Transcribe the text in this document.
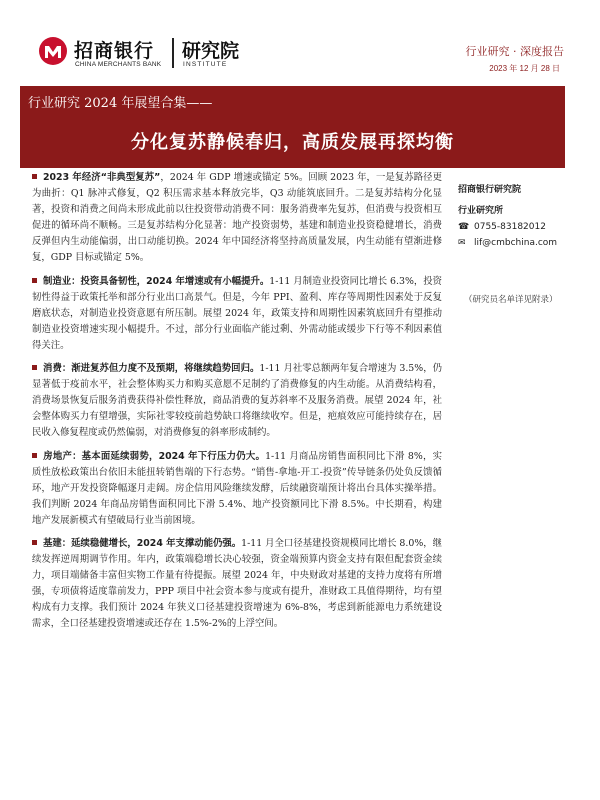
招商银行
CHINA MERCHANTS BANK
研究院
INSTITUTE
行业研究 · 深度报告
2023 年 12 月 28 日
行业研究 2024 年展望合集——
分化复苏静候春归，高质发展再探均衡

2023 年经济“非典型复苏”，2024 年 GDP 增速或锚定 5%。回顾 2023 年，一是复苏路径更为曲折：Q1 脉冲式修复，Q2 积压需求基本释放完毕，Q3 动能筑底回升。二是复苏结构分化显著，投资和消费之间尚未形成此前以往投资带动消费不同：服务消费率先复苏，但消费与投资相互促进的循环尚不顺畅。三是复苏结构分化显著：地产投资弱势，基建和制造业投资稳健增长，消费反弹但内生动能偏弱，出口动能切换。2024 年中国经济将坚持高质量发展，内生动能有望渐进修复，GDP 目标或锚定 5%。

制造业：投资具备韧性，2024 年增速或有小幅提升。1-11 月制造业投资同比增长 6.3%，投资韧性得益于政策托举和部分行业出口高景气。但是，今年 PPI、盈利、库存等周期性因素处于反复磨底状态，对制造业投资意愿有所压制。展望 2024 年，政策支持和周期性因素筑底回升有望推动制造业投资增速实现小幅提升。不过，部分行业面临产能过剩、外需动能或缓步下行等不利因素值得关注。

消费：渐进复苏但力度不及预期，将继续趋势回归。1-11 月社零总额两年复合增速为 3.5%，仍显著低于疫前水平，社会整体购买力和购买意愿不足制约了消费修复的内生动能。从消费结构看，消费场景恢复后服务消费获得补偿性释放，商品消费的复苏斜率不及服务消费。展望 2024 年，社会整体购买力有望增强，实际社零较疫前趋势缺口将继续收窄。但是，疤痕效应可能持续存在，居民收入修复程度或仍然偏弱，对消费修复的斜率形成制约。

房地产：基本面延续弱势，2024 年下行压力仍大。1-11 月商品房销售面积同比下滑 8%，实质性放松政策出台依旧未能扭转销售端的下行态势。“销售-拿地-开工-投资”传导链条仍处负反馈循环，地产开发投资降幅逐月走阔。房企信用风险继续发酵，后续融资端预计将出台具体实操举措。我们判断 2024 年商品房销售面积同比下滑 5.4%、地产投资额同比下滑 8.5%。中长期看，构建地产发展新模式有望破局行业当前困境。

基建：延续稳健增长，2024 年支撑动能仍强。1-11 月全口径基建投资规模同比增长 8.0%，继续发挥逆周期调节作用。年内，政策端稳增长决心较强，资金端预算内资金支持有限但配套资金续力，项目端储备丰富但实物工作量有待提振。展望 2024 年，中央财政对基建的支持力度将有所增强，专项债将适度靠前发力，PPP 项目中社会资本参与度或有提升，准财政工具值得期待，均有望构成有力支撑。我们预计 2024 年狭义口径基建投资增速为 6%-8%，考虑到新能源电力系统建设需求，全口径基建投资增速或还存在 1.5%-2%的上浮空间。

招商银行研究院
行业研究所
☎ 0755-83182012
✉ lif@cmbchina.com
（研究员名单详见附录）
